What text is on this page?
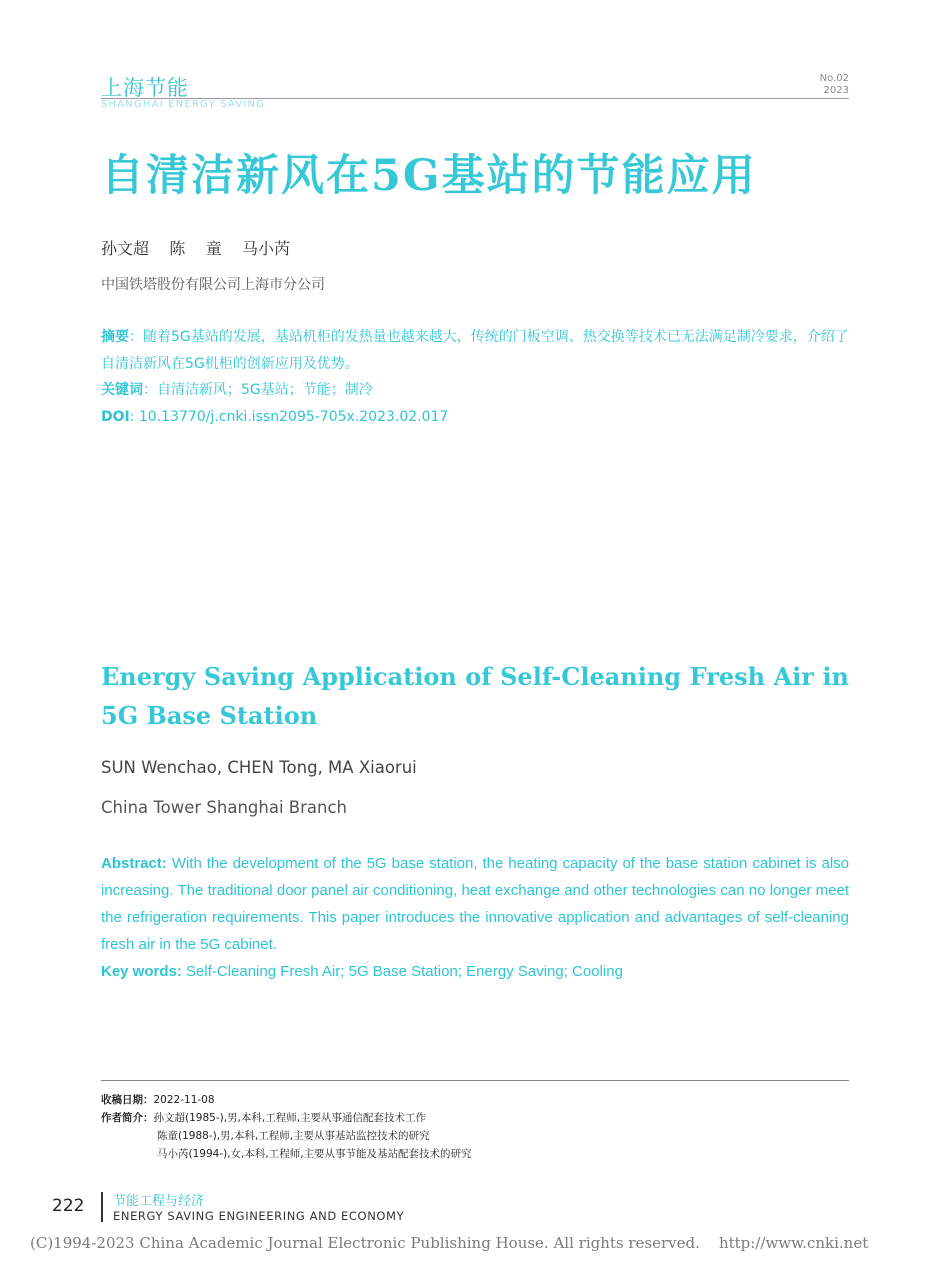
上海节能
SHANGHAI ENERGY SAVING
No.02
2023
自清洁新风在5G基站的节能应用
孙文超    陈    童    马小芮
中国铁塔股份有限公司上海市分公司
摘要：随着5G基站的发展，基站机柜的发热量也越来越大，传统的门板空调、热交换等技术已无法满足制冷要求，介绍了自清洁新风在5G机柜的创新应用及优势。
关键词：自清洁新风；5G基站；节能；制冷
DOI: 10.13770/j.cnki.issn2095-705x.2023.02.017
Energy Saving Application of Self-Cleaning Fresh Air in 5G Base Station
SUN Wenchao, CHEN Tong, MA Xiaorui
China Tower Shanghai Branch
Abstract: With the development of the 5G base station, the heating capacity of the base station cabinet is also increasing. The traditional door panel air conditioning, heat exchange and other technologies can no longer meet the refrigeration requirements. This paper introduces the innovative application and advantages of self-cleaning fresh air in the 5G cabinet.
Key words: Self-Cleaning Fresh Air; 5G Base Station; Energy Saving; Cooling
收稿日期：2022-11-08
作者简介：孙文超(1985-),男,本科,工程师,主要从事通信配套技术工作
陈童(1988-),男,本科,工程师,主要从事基站监控技术的研究
马小芮(1994-),女,本科,工程师,主要从事节能及基站配套技术的研究
222 节能工程与经济
ENERGY SAVING ENGINEERING AND ECONOMY
(C)1994-2023 China Academic Journal Electronic Publishing House. All rights reserved.    http://www.cnki.net
